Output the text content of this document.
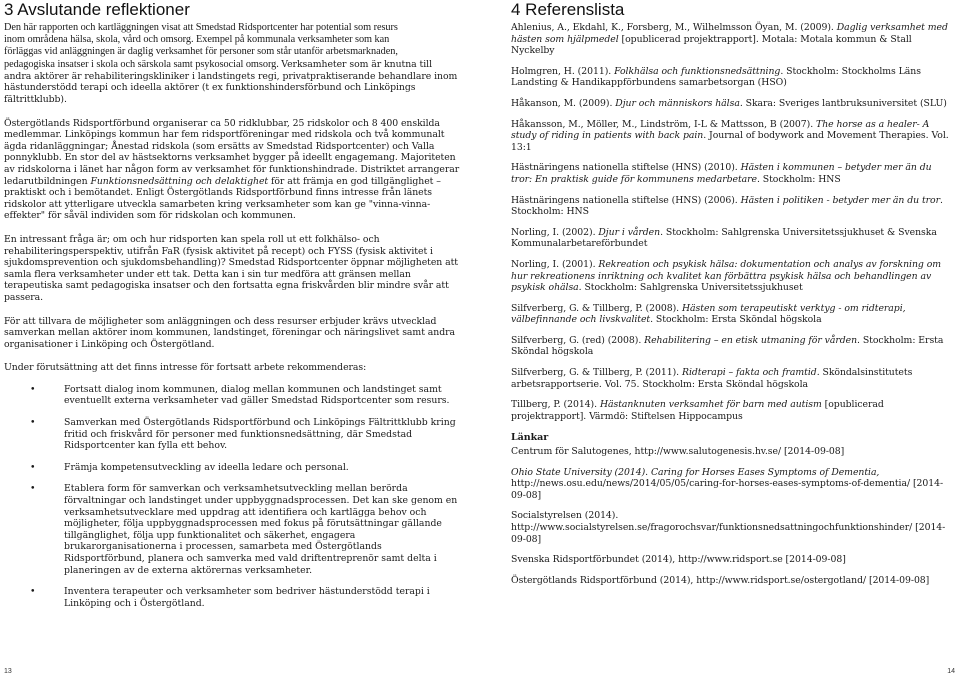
3 Avslutande reflektioner

Den här rapporten och kartläggningen visat att Smedstad Ridsportcenter har potential som resurs

inom områdena hälsa, skola, vård och omsorg. Exempel på kommunala verksamheter som kan

förläggas vid anläggningen är daglig verksamhet för personer som står utanför arbetsmarknaden,

pedagogiska insatser i skola och särskola samt psykosocial omsorg. Verksamheter som är knutna till andra aktörer är rehabiliteringskliniker i landstingets regi, privatpraktiserande behandlare inom hästunderstödd terapi och ideella aktörer (t ex funktionshindersförbund och Linköpings fältrittklubb).

Östergötlands Ridsportförbund organiserar ca 50 ridklubbar, 25 ridskolor och 8 400 enskilda medlemmar. Linköpings kommun har fem ridsportföreningar med ridskola och två kommunalt ägda ridanläggningar; Ånestad ridskola (som ersätts av Smedstad Ridsportcenter) och Valla ponnyklubb. En stor del av hästsektorns verksamhet bygger på ideellt engagemang. Majoriteten av ridskolorna i länet har någon form av verksamhet för funktionshindrade. Distriktet arrangerar ledarutbildningen Funktionsnedsättning och delaktighet för att främja en god tillgänglighet – praktiskt och i bemötandet. Enligt Östergötlands Ridsportförbund finns intresse från länets ridskolor att ytterligare utveckla samarbeten kring verksamheter som kan ge "vinna-vinna-effekter" för såväl individen som för ridskolan och kommunen.

En intressant fråga är; om och hur ridsporten kan spela roll ut ett folkhälso- och rehabiliteringsperspektiv, utifrån FaR (fysisk aktivitet på recept) och FYSS (fysisk aktivitet i sjukdomsprevention och sjukdomsbehandling)? Smedstad Ridsportcenter öppnar möjligheten att samla flera verksamheter under ett tak. Detta kan i sin tur medföra att gränsen mellan terapeutiska samt pedagogiska insatser och den fortsatta egna friskvården blir mindre svår att passera.

För att tillvara de möjligheter som anläggningen och dess resurser erbjuder krävs utvecklad samverkan mellan aktörer inom kommunen, landstinget, föreningar och näringslivet samt andra organisationer i Linköping och Östergötland.

Under förutsättning att det finns intresse för fortsatt arbete rekommenderas:

•	Fortsatt dialog inom kommunen, dialog mellan kommunen och landstinget samt eventuellt externa verksamheter vad gäller Smedstad Ridsportcenter som resurs.
•	Samverkan med Östergötlands Ridsportförbund och Linköpings Fältrittklubb kring fritid och friskvård för personer med funktionsnedsättning, där Smedstad Ridsportcenter kan fylla ett behov.
•	Främja kompetensutveckling av ideella ledare och personal.
•	Etablera form för samverkan och verksamhetsutveckling mellan berörda förvaltningar och landstinget under uppbyggnadsprocessen. Det kan ske genom en verksamhetsutvecklare med uppdrag att identifiera och kartlägga behov och möjligheter, följa uppbyggnadsprocessen med fokus på förutsättningar gällande tillgänglighet, följa upp funktionalitet och säkerhet, engagera brukarorganisationerna i processen, samarbeta med Östergötlands Ridsportförbund, planera och samverka med vald driftentreprenör samt delta i planeringen av de externa aktörernas verksamheter.
•	Inventera terapeuter och verksamheter som bedriver hästunderstödd terapi i Linköping och i Östergötland.
4 Referenslista

Ahlenius, A., Ekdahl, K., Forsberg, M., Wilhelmsson Öyan, M. (2009). Daglig verksamhet med hästen som hjälpmedel [opublicerad projektrapport]. Motala: Motala kommun & Stall Nyckelby

Holmgren, H. (2011). Folkhälsa och funktionsnedsättning. Stockholm: Stockholms Läns Landsting & Handikappförbundens samarbetsorgan (HSO)

Håkanson, M. (2009). Djur och människors hälsa. Skara: Sveriges lantbruksuniversitet (SLU)

Håkansson, M., Möller, M., Lindström, I-L & Mattsson, B (2007). The horse as a healer- A study of riding in patients with back pain. Journal of bodywork and Movement Therapies. Vol. 13:1

Hästnäringens nationella stiftelse (HNS) (2010). Hästen i kommunen – betyder mer än du tror: En praktisk guide för kommunens medarbetare. Stockholm: HNS

Hästnäringens nationella stiftelse (HNS) (2006). Hästen i politiken - betyder mer än du tror. Stockholm: HNS

Norling, I. (2002). Djur i vården. Stockholm: Sahlgrenska Universitetssjukhuset & Svenska Kommunalarbetareförbundet

Norling, I. (2001). Rekreation och psykisk hälsa: dokumentation och analys av forskning om hur rekreationens inriktning och kvalitet kan förbättra psykisk hälsa och behandlingen av psykisk ohälsa. Stockholm: Sahlgrenska Universitetssjukhuset

Silfverberg, G. & Tillberg, P. (2008). Hästen som terapeutiskt verktyg - om ridterapi, välbefinnande och livskvalitet. Stockholm: Ersta Sköndal högskola

Silfverberg, G. (red) (2008). Rehabilitering – en etisk utmaning för vården. Stockholm: Ersta Sköndal högskola

Silfverberg, G. & Tillberg, P. (2011). Ridterapi – fakta och framtid. Sköndalsinstitutets arbetsrapportserie. Vol. 75. Stockholm: Ersta Sköndal högskola

Tillberg, P. (2014). Hästanknuten verksamhet för barn med autism [opublicerad projektrapport]. Värmdö: Stiftelsen Hippocampus

Länkar

Centrum för Salutogenes, http://www.salutogenesis.hv.se/ [2014-09-08]

Ohio State University (2014). Caring for Horses Eases Symptoms of Dementia, http://news.osu.edu/news/2014/05/05/caring-for-horses-eases-symptoms-of-dementia/ [2014-09-08]

Socialstyrelsen (2014). http://www.socialstyrelsen.se/fragorochsvar/funktionsnedsattningochfunktionshinder/ [2014-09-08]

Svenska Ridsportförbundet (2014), http://www.ridsport.se [2014-09-08]

Östergötlands Ridsportförbund (2014), http://www.ridsport.se/ostergotland/ [2014-09-08]

13	14
